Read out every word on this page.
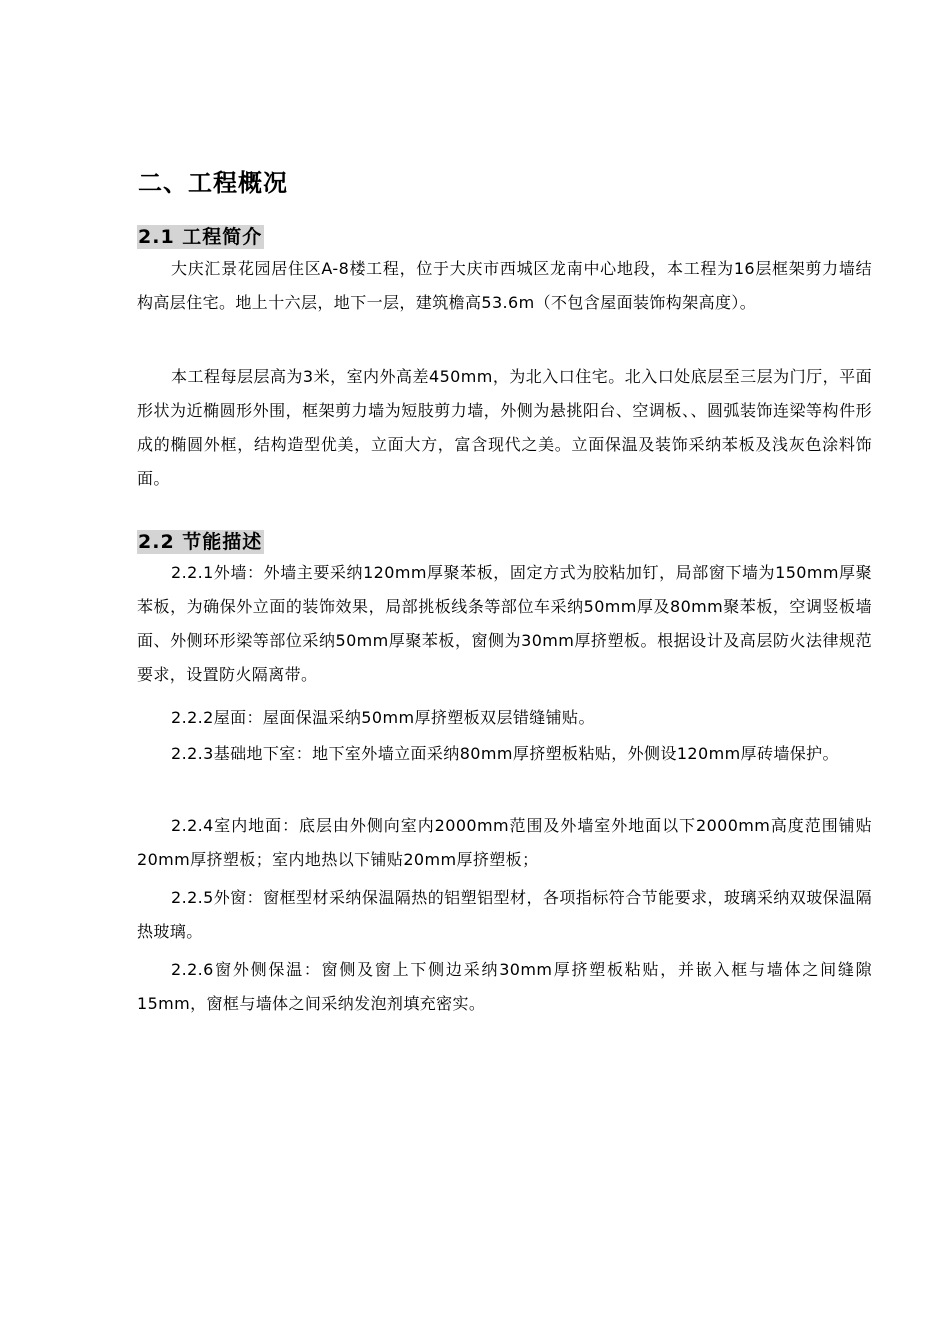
二、工程概况
2.1 工程简介

大庆汇景花园居住区A-8楼工程，位于大庆市西城区龙南中心地段，本工程为16层框架剪力墙结构高层住宅。地上十六层，地下一层，建筑檐高53.6m（不包含屋面装饰构架高度）。

本工程每层层高为3米，室内外高差450mm，为北入口住宅。北入口处底层至三层为门厅，平面形状为近椭圆形外围，框架剪力墙为短肢剪力墙，外侧为悬挑阳台、空调板、、圆弧装饰连梁等构件形成的椭圆外框，结构造型优美，立面大方，富含现代之美。立面保温及装饰采纳苯板及浅灰色涂料饰面。

2.2 节能描述

2.2.1外墙：外墙主要采纳120mm厚聚苯板，固定方式为胶粘加钉，局部窗下墙为150mm厚聚苯板，为确保外立面的装饰效果，局部挑板线条等部位车采纳50mm厚及80mm聚苯板，空调竖板墙面、外侧环形梁等部位采纳50mm厚聚苯板，窗侧为30mm厚挤塑板。根据设计及高层防火法律规范要求，设置防火隔离带。

2.2.2屋面：屋面保温采纳50mm厚挤塑板双层错缝铺贴。

2.2.3基础地下室：地下室外墙立面采纳80mm厚挤塑板粘贴，外侧设120mm厚砖墙保护。

2.2.4室内地面：底层由外侧向室内2000mm范围及外墙室外地面以下2000mm高度范围铺贴20mm厚挤塑板；室内地热以下铺贴20mm厚挤塑板；

2.2.5外窗：窗框型材采纳保温隔热的铝塑铝型材，各项指标符合节能要求，玻璃采纳双玻保温隔热玻璃。

2.2.6窗外侧保温：窗侧及窗上下侧边采纳30mm厚挤塑板粘贴，并嵌入框与墙体之间缝隙15mm，窗框与墙体之间采纳发泡剂填充密实。
